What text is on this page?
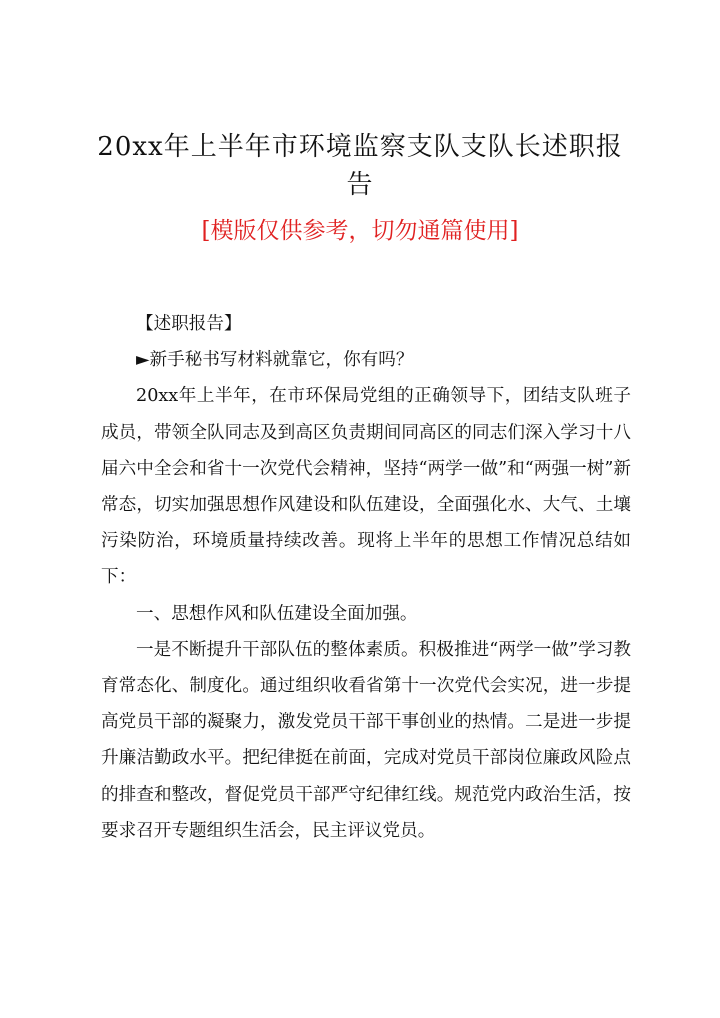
20xx年上半年市环境监察支队支队长述职报告
[模版仅供参考，切勿通篇使用]

【述职报告】

►新手秘书写材料就靠它，你有吗？

20xx年上半年，在市环保局党组的正确领导下，团结支队班子成员，带领全队同志及到高区负责期间同高区的同志们深入学习十八届六中全会和省十一次党代会精神，坚持“两学一做”和“两强一树”新常态，切实加强思想作风建设和队伍建设，全面强化水、大气、土壤污染防治，环境质量持续改善。现将上半年的思想工作情况总结如下：

一、思想作风和队伍建设全面加强。

一是不断提升干部队伍的整体素质。积极推进“两学一做”学习教育常态化、制度化。通过组织收看省第十一次党代会实况，进一步提高党员干部的凝聚力，激发党员干部干事创业的热情。二是进一步提升廉洁勤政水平。把纪律挺在前面，完成对党员干部岗位廉政风险点的排查和整改，督促党员干部严守纪律红线。规范党内政治生活，按要求召开专题组织生活会，民主评议党员。
